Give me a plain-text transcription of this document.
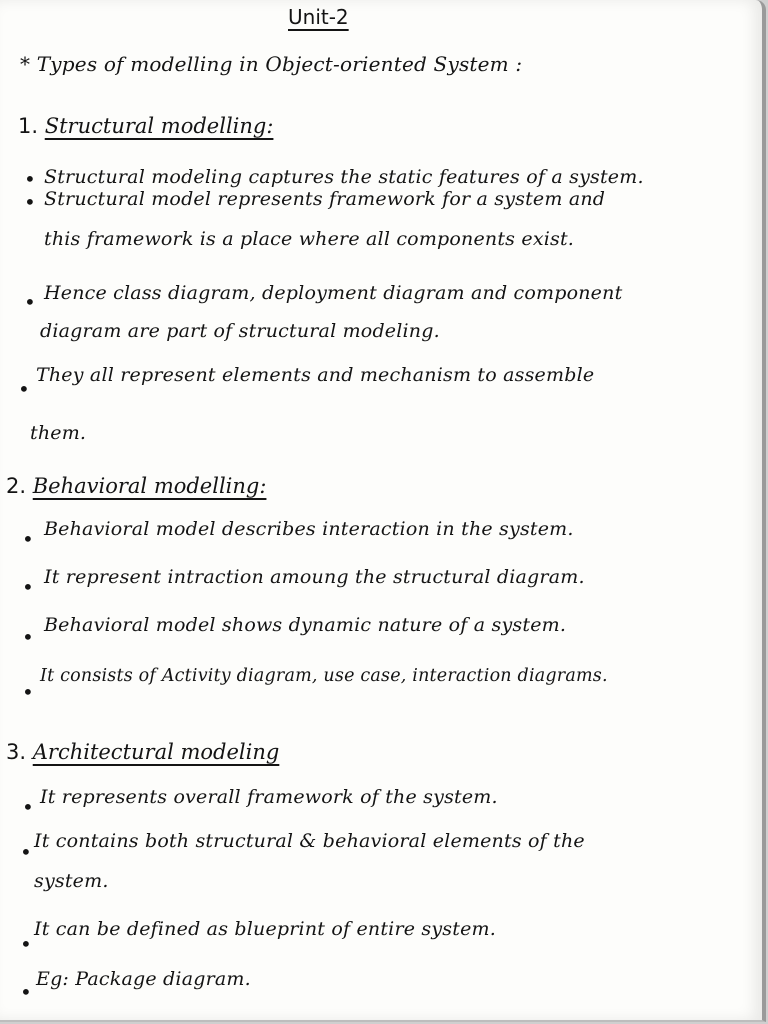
Unit-2
* Types of modelling in Object-oriented System :
1. Structural modelling:
• Structural modeling captures the static features of a system.
• Structural model represents framework for a system and
this framework is a place where all components exist.
• Hence class diagram, deployment diagram and component
diagram are part of structural modeling.
•
They all represent elements and mechanism to assemble
them.
2. Behavioral modelling:
• Behavioral model describes interaction in the system.
• It represent intraction amoung the structural diagram.
• Behavioral model shows dynamic nature of a system.
•
It consists of Activity diagram, use case, interaction diagrams.
3. Architectural modeling
• It represents overall framework of the system.
• It contains both structural & behavioral elements of the
system.
•
It can be defined as blueprint of entire system.
•
Eg: Package diagram.
